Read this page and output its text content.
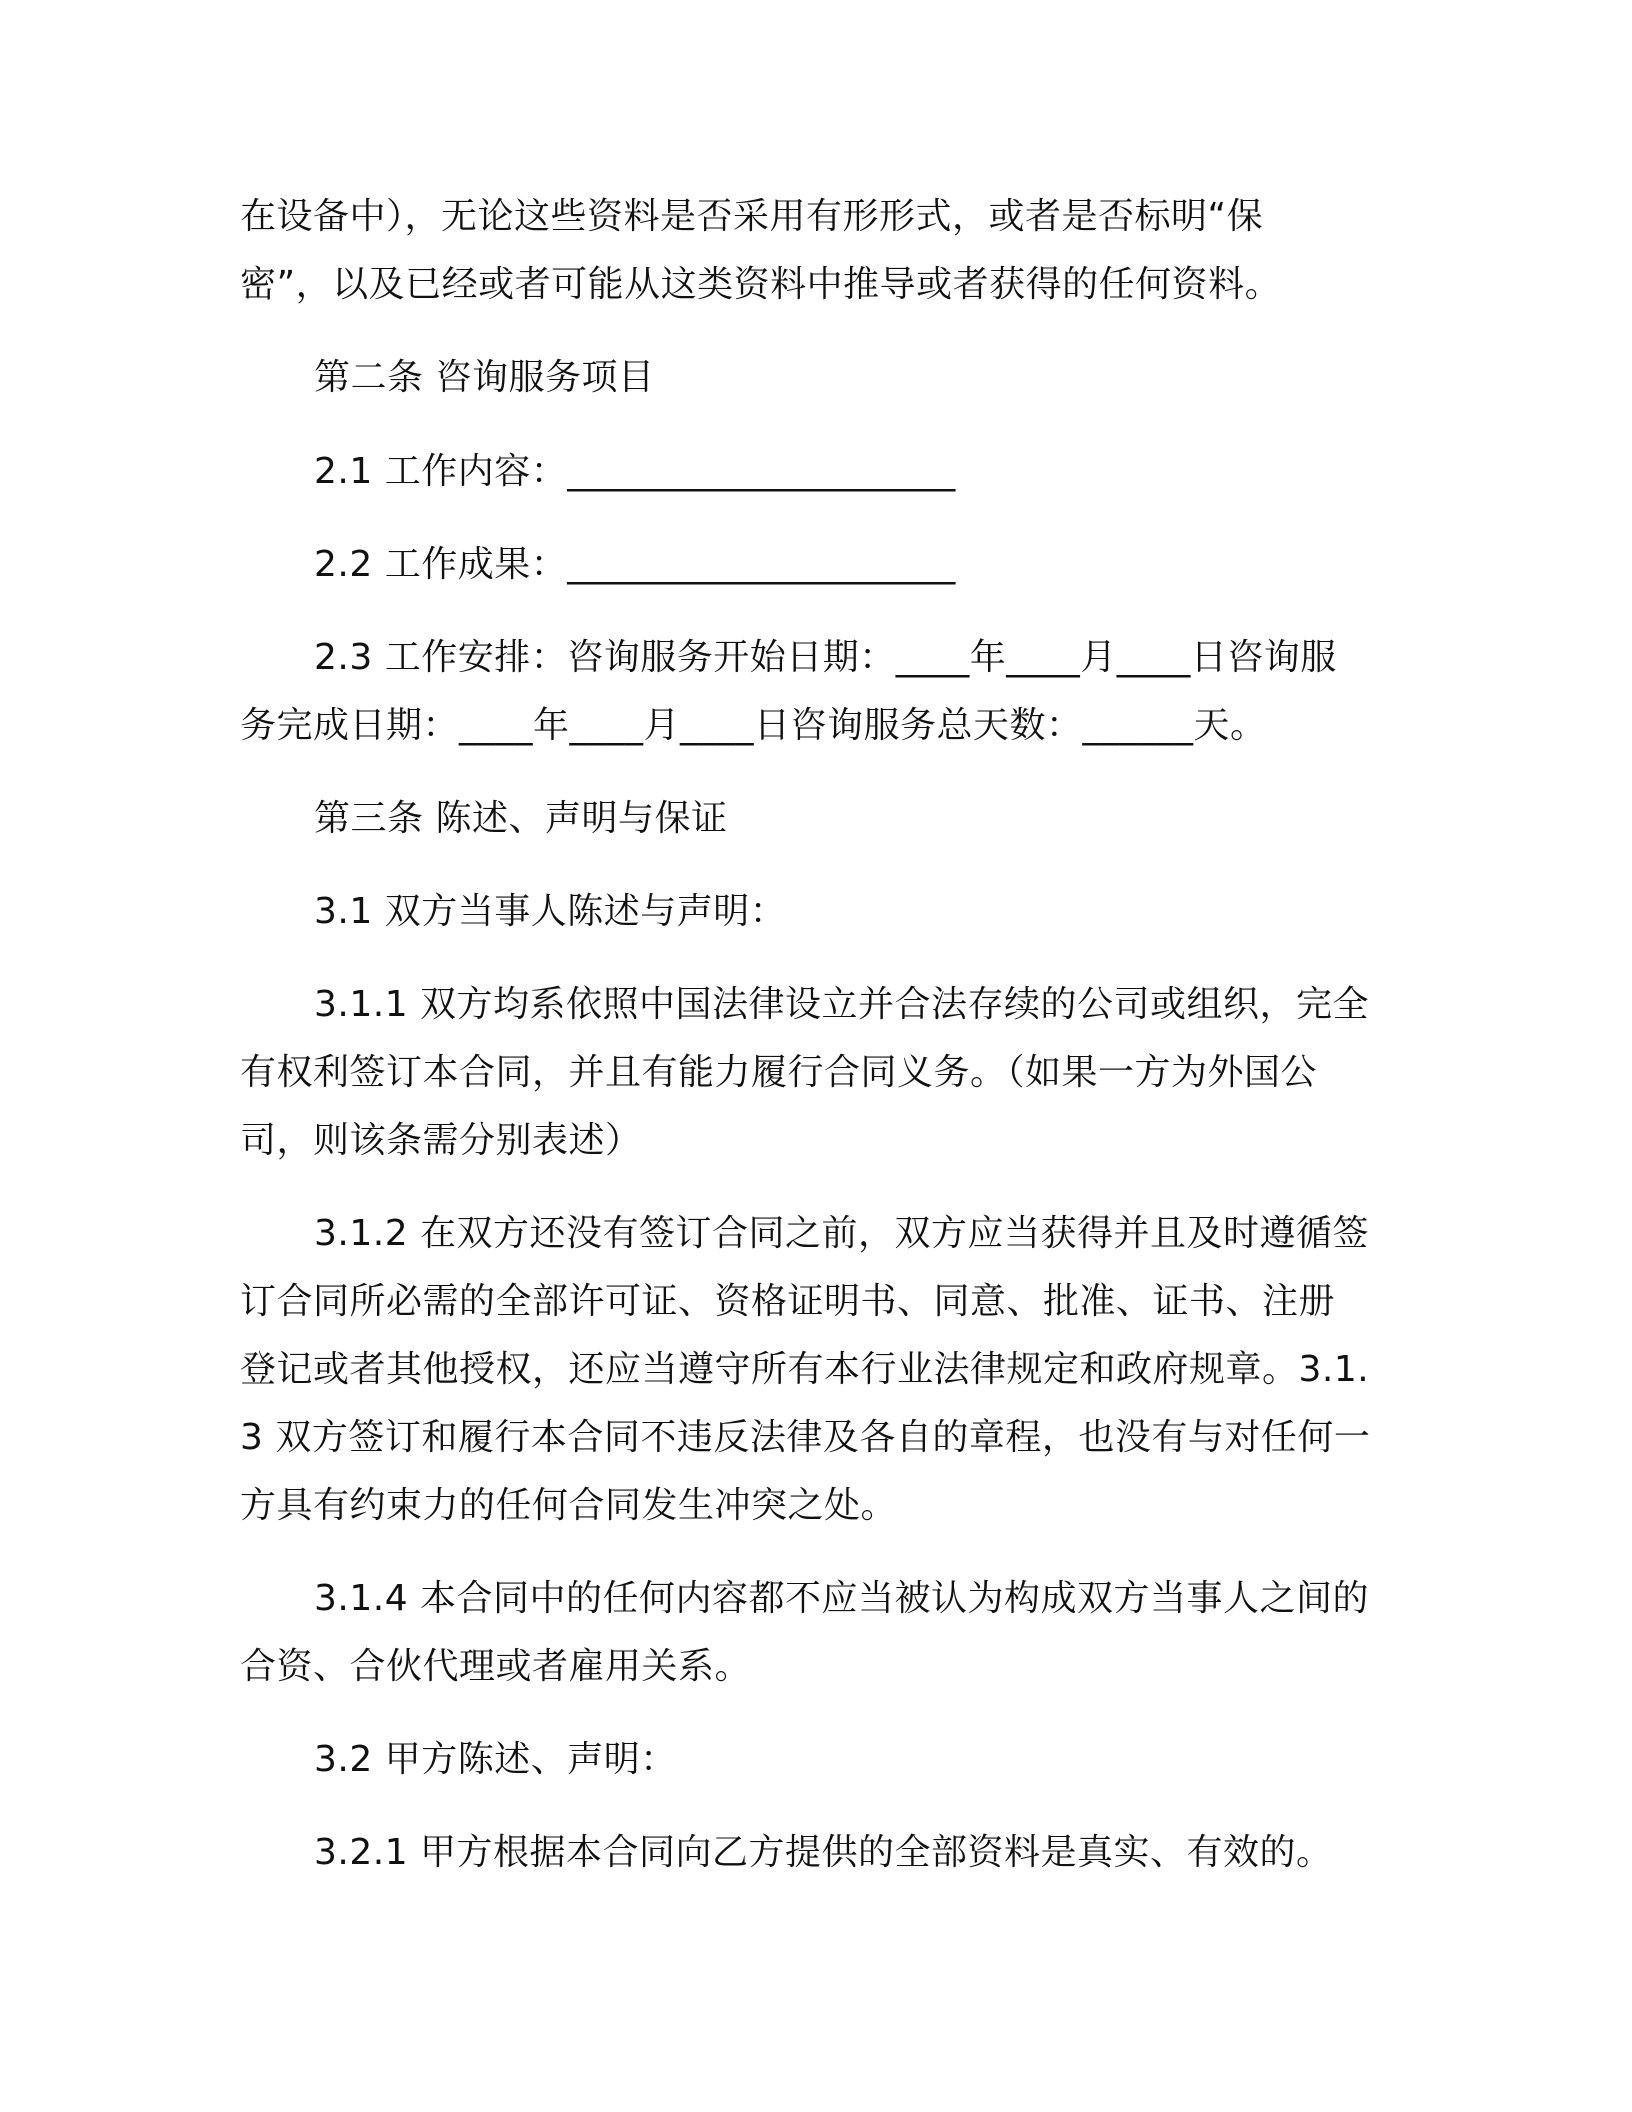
在设备中），无论这些资料是否采用有形形式，或者是否标明“保
密”，以及已经或者可能从这类资料中推导或者获得的任何资料。
第二条 咨询服务项目
2.1 工作内容：_____________________
2.2 工作成果：_____________________
2.3 工作安排：咨询服务开始日期：____年____月____日咨询服
务完成日期：____年____月____日咨询服务总天数：______天。
第三条 陈述、声明与保证
3.1 双方当事人陈述与声明：
3.1.1 双方均系依照中国法律设立并合法存续的公司或组织，完全
有权利签订本合同，并且有能力履行合同义务。（如果一方为外国公
司，则该条需分别表述）
3.1.2 在双方还没有签订合同之前，双方应当获得并且及时遵循签
订合同所必需的全部许可证、资格证明书、同意、批准、证书、注册
登记或者其他授权，还应当遵守所有本行业法律规定和政府规章。3.1.
3 双方签订和履行本合同不违反法律及各自的章程，也没有与对任何一
方具有约束力的任何合同发生冲突之处。
3.1.4 本合同中的任何内容都不应当被认为构成双方当事人之间的
合资、合伙代理或者雇用关系。
3.2 甲方陈述、声明：
3.2.1 甲方根据本合同向乙方提供的全部资料是真实、有效的。
